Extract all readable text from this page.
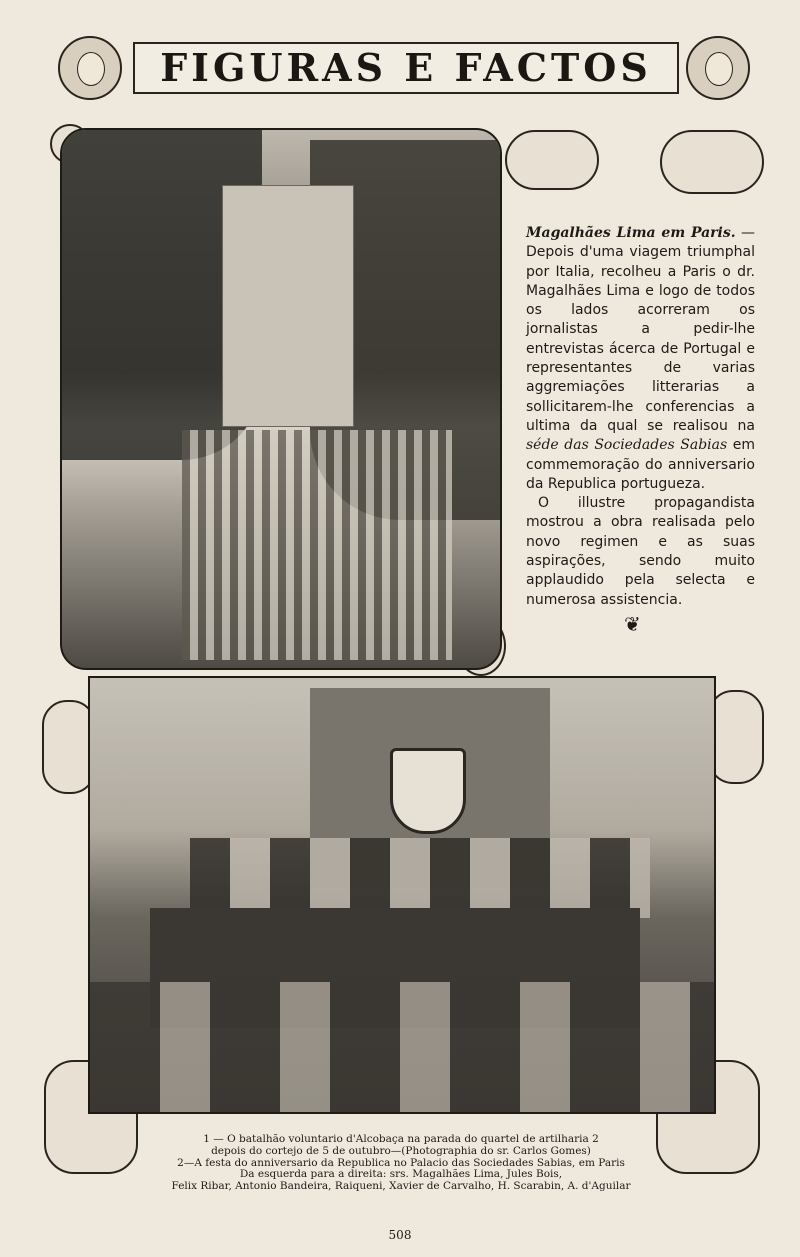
FIGURAS E FACTOS

Magalhães Lima em Paris. — Depois d'uma viagem triumphal por Italia, recolheu a Paris o dr. Magalhães Lima e logo de todos os lados acorreram os jornalistas a pedir-lhe entrevistas ácerca de Portugal e representantes de varias aggremiações litterarias a sollicitarem-lhe conferencias a ultima da qual se realisou na séde das Sociedades Sabias em commemoração do anniversario da Republica portugueza.

O illustre propagandista mostrou a obra realisada pelo novo regimen e as suas aspirações, sendo muito applaudido pela selecta e numerosa assistencia.

❦
1 — O batalhão voluntario d'Alcobaça na parada do quartel de artilharia 2
depois do cortejo de 5 de outubro—(Photographia do sr. Carlos Gomes)
2—A festa do anniversario da Republica no Palacio das Sociedades Sabias, em Paris
Da esquerda para a direita: srs. Magalhães Lima, Jules Bois,
Felix Ribar, Antonio Bandeira, Raiqueni, Xavier de Carvalho, H. Scarabin, A. d'Aguilar
508
